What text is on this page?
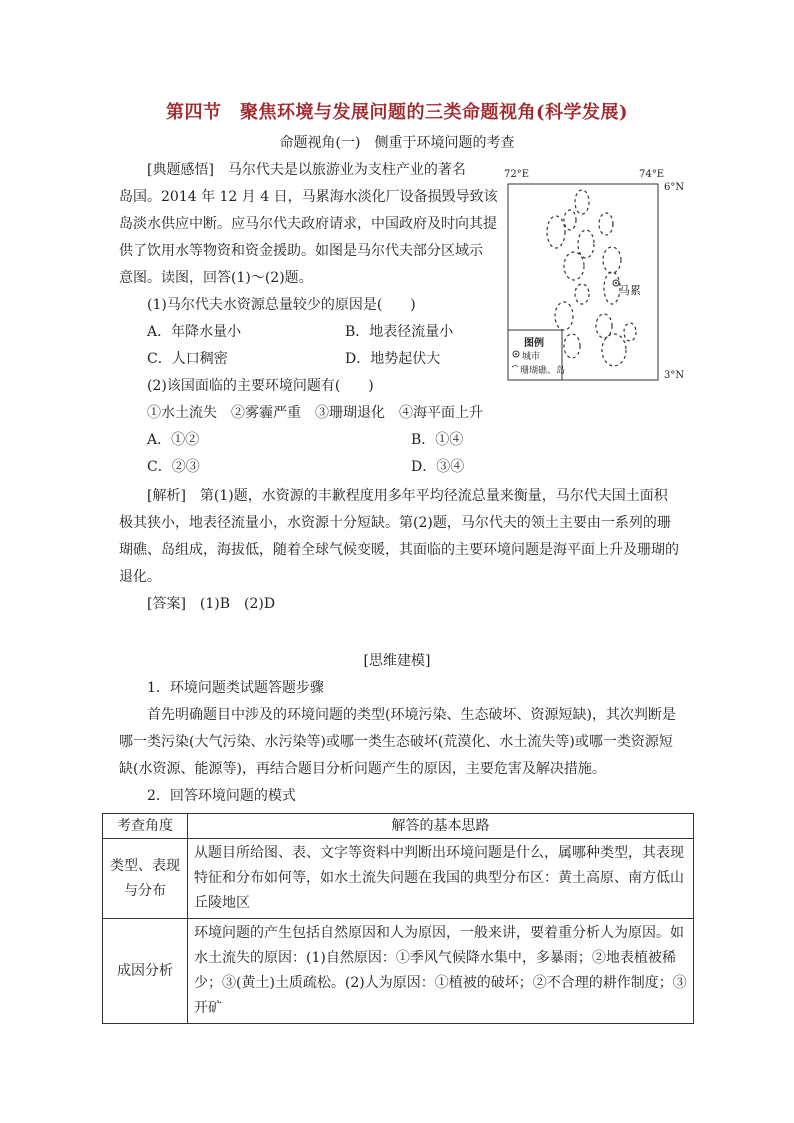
第四节　聚焦环境与发展问题的三类命题视角(科学发展)
命题视角(一)　侧重于环境问题的考查
[典题感悟]　马尔代夫是以旅游业为支柱产业的著名
岛国。2014 年 12 月 4 日，马累海水淡化厂设备损毁导致该
岛淡水供应中断。应马尔代夫政府请求，中国政府及时向其提
供了饮用水等物资和资金援助。如图是马尔代夫部分区域示
意图。读图，回答(1)～(2)题。
72°E	74°E
6°N
3°N
马累
图例
城市
珊瑚礁、岛
(1)马尔代夫水资源总量较少的原因是(　　)
A．年降水量小	B．地表径流量小
C．人口稠密	D．地势起伏大
(2)该国面临的主要环境问题有(　　)
①水土流失　②雾霾严重　③珊瑚退化　④海平面上升
A．①②	B．①④
C．②③	D．③④
[解析]　第(1)题，水资源的丰歉程度用多年平均径流总量来衡量，马尔代夫国土面积
极其狭小，地表径流量小，水资源十分短缺。第(2)题，马尔代夫的领土主要由一系列的珊
瑚礁、岛组成，海拔低，随着全球气候变暖，其面临的主要环境问题是海平面上升及珊瑚的
退化。
[答案]　(1)B　(2)D
[思维建模]
1．环境问题类试题答题步骤
首先明确题目中涉及的环境问题的类型(环境污染、生态破坏、资源短缺)，其次判断是
哪一类污染(大气污染、水污染等)或哪一类生态破坏(荒漠化、水土流失等)或哪一类资源短
缺(水资源、能源等)，再结合题目分析问题产生的原因，主要危害及解决措施。
2．回答环境问题的模式
考查角度	解答的基本思路
类型、表现与分布	从题目所给图、表、文字等资料中判断出环境问题是什么，属哪种类型，其表现特征和分布如何等，如水土流失问题在我国的典型分布区：黄土高原、南方低山丘陵地区
成因分析	环境问题的产生包括自然原因和人为原因，一般来讲，要着重分析人为原因。如水土流失的原因：(1)自然原因：①季风气候降水集中，多暴雨；②地表植被稀少；③(黄土)土质疏松。(2)人为原因：①植被的破坏；②不合理的耕作制度；③开矿
